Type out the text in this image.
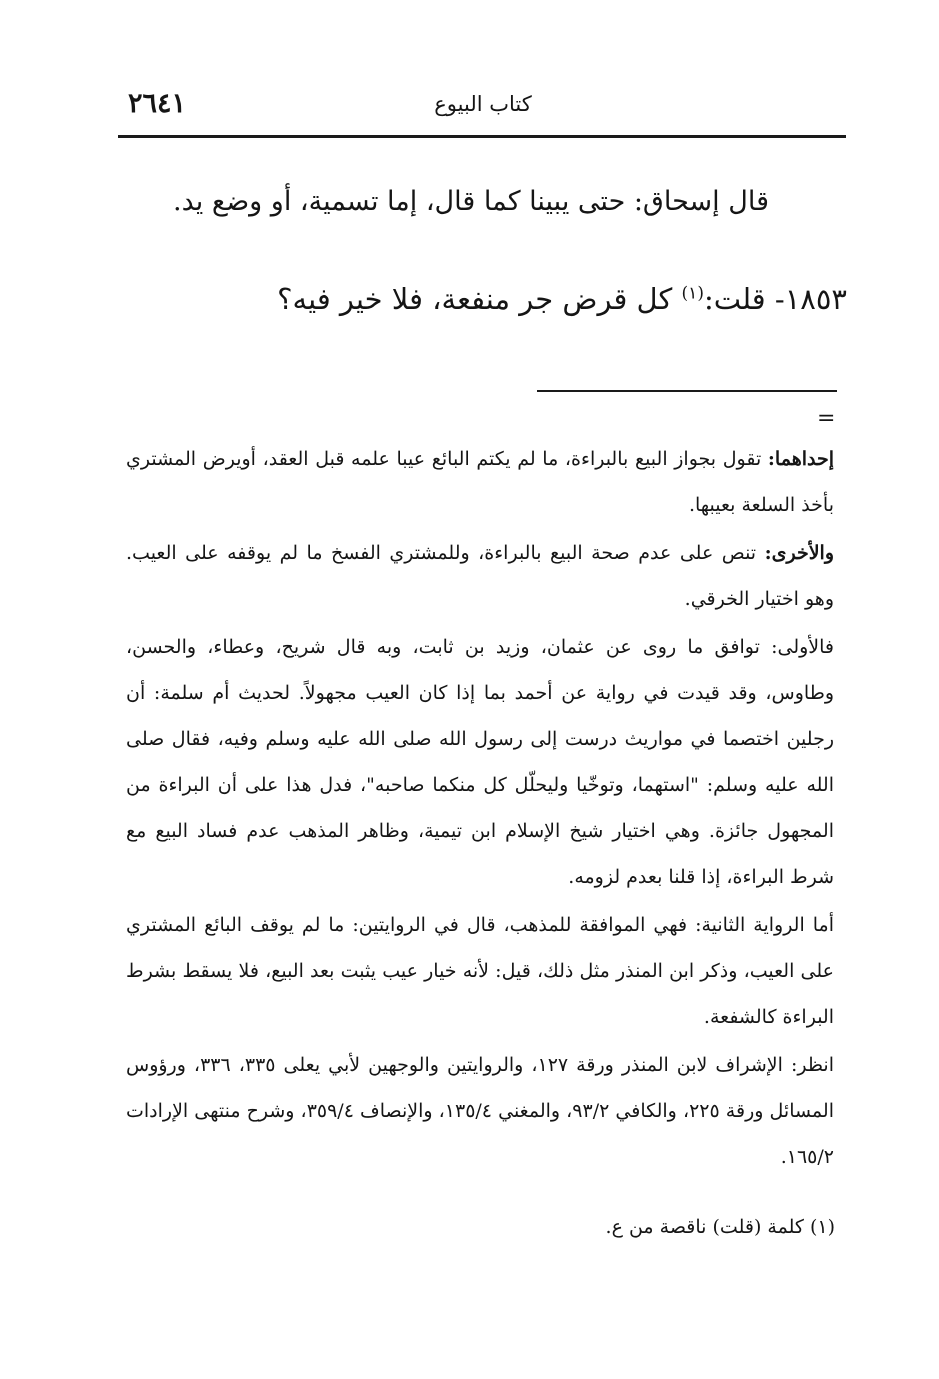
٢٦٤١	كتاب البيوع
قال إسحاق: حتى يبينا كما قال، إما تسمية، أو وضع يد.
١٨٥٣- قلت:$^{(١)}$ كل قرض جر منفعة، فلا خير فيه؟
=

إحداهما: تقول بجواز البيع بالبراءة، ما لم يكتم البائع عيبا علمه قبل العقد، أويرض المشتري بأخذ السلعة بعيبها.

والأخرى: تنص على عدم صحة البيع بالبراءة، وللمشتري الفسخ ما لم يوقفه على العيب. وهو اختيار الخرقي.

فالأولى: توافق ما روى عن عثمان، وزيد بن ثابت، وبه قال شريح، وعطاء، والحسن، وطاوس، وقد قيدت في رواية عن أحمد بما إذا كان العيب مجهولاً. لحديث أم سلمة: أن رجلين اختصما في مواريث درست إلى رسول الله صلى الله عليه وسلم وفيه، فقال صلى الله عليه وسلم: "استهما، وتوخّيا وليحلّل كل منكما صاحبه"، فدل هذا على أن البراءة من المجهول جائزة. وهي اختيار شيخ الإسلام ابن تيمية، وظاهر المذهب عدم فساد البيع مع شرط البراءة، إذا قلنا بعدم لزومه.

أما الرواية الثانية: فهي الموافقة للمذهب، قال في الروايتين: ما لم يوقف البائع المشتري على العيب، وذكر ابن المنذر مثل ذلك، قيل: لأنه خيار عيب يثبت بعد البيع، فلا يسقط بشرط البراءة كالشفعة.

انظر: الإشراف لابن المنذر ورقة ١٢٧، والروايتين والوجهين لأبي يعلى ٣٣٥، ٣٣٦، ورؤوس المسائل ورقة ٢٢٥، والكافي ٩٣/٢، والمغني ١٣٥/٤، والإنصاف ٣٥٩/٤، وشرح منتهى الإرادات ١٦٥/٢.

(١) كلمة (قلت) ناقصة من ع.
